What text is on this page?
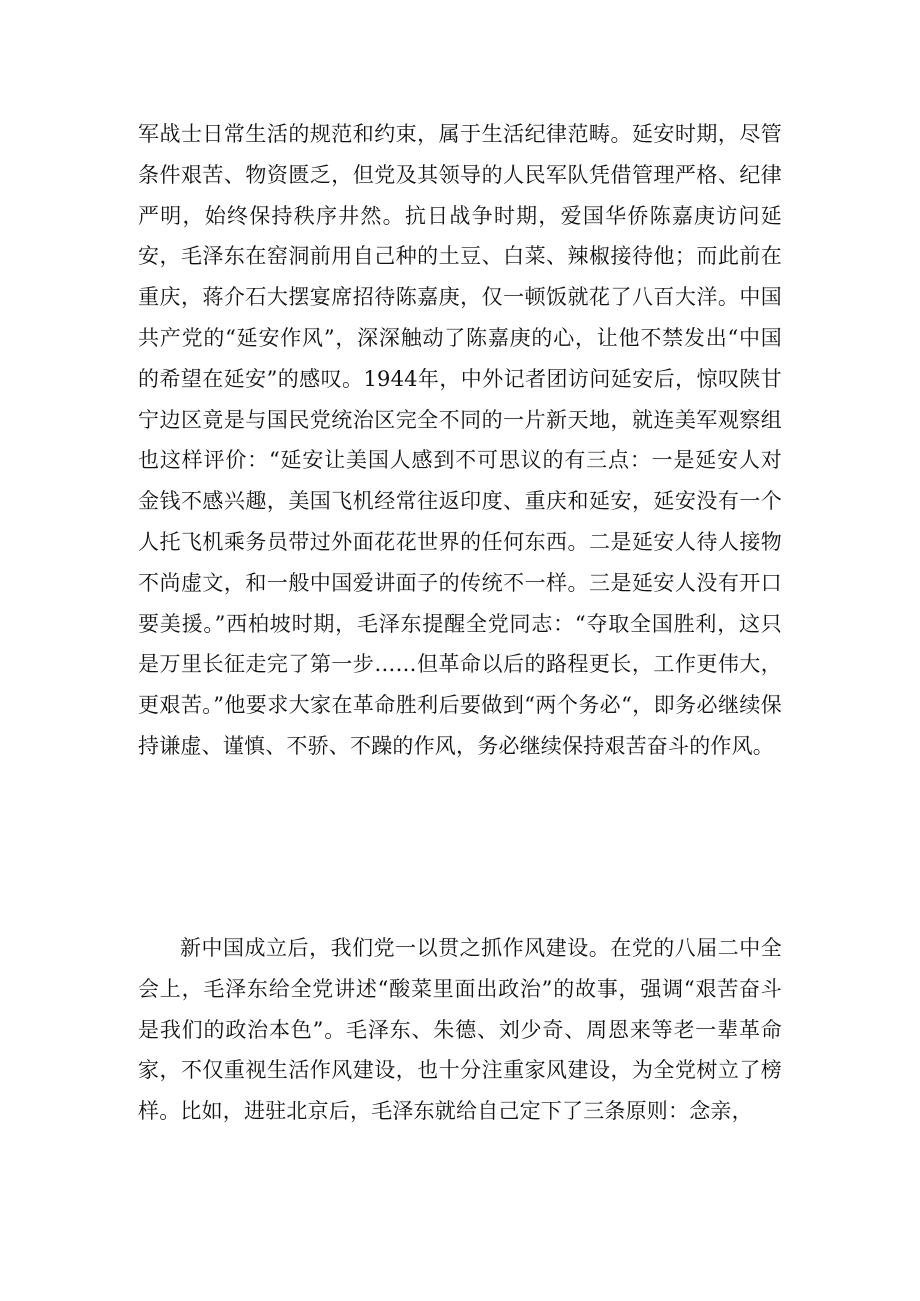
军战士日常生活的规范和约束，属于生活纪律范畴。延安时期，尽管条件艰苦、物资匮乏，但党及其领导的人民军队凭借管理严格、纪律严明，始终保持秩序井然。抗日战争时期，爱国华侨陈嘉庚访问延安，毛泽东在窑洞前用自己种的土豆、白菜、辣椒接待他；而此前在重庆，蒋介石大摆宴席招待陈嘉庚，仅一顿饭就花了八百大洋。中国共产党的“延安作风”，深深触动了陈嘉庚的心，让他不禁发出“中国的希望在延安”的感叹。1944年，中外记者团访问延安后，惊叹陕甘宁边区竟是与国民党统治区完全不同的一片新天地，就连美军观察组也这样评价：“延安让美国人感到不可思议的有三点：一是延安人对金钱不感兴趣，美国飞机经常往返印度、重庆和延安，延安没有一个人托飞机乘务员带过外面花花世界的任何东西。二是延安人待人接物不尚虚文，和一般中国爱讲面子的传统不一样。三是延安人没有开口要美援。”西柏坡时期，毛泽东提醒全党同志：“夺取全国胜利，这只是万里长征走完了第一步……但革命以后的路程更长，工作更伟大，更艰苦。”他要求大家在革命胜利后要做到“两个务必“，即务必继续保持谦虚、谨慎、不骄、不躁的作风，务必继续保持艰苦奋斗的作风。

新中国成立后，我们党一以贯之抓作风建设。在党的八届二中全会上，毛泽东给全党讲述“酸菜里面出政治”的故事，强调“艰苦奋斗是我们的政治本色”。毛泽东、朱德、刘少奇、周恩来等老一辈革命家，不仅重视生活作风建设，也十分注重家风建设，为全党树立了榜样。比如，进驻北京后，毛泽东就给自己定下了三条原则：念亲，
